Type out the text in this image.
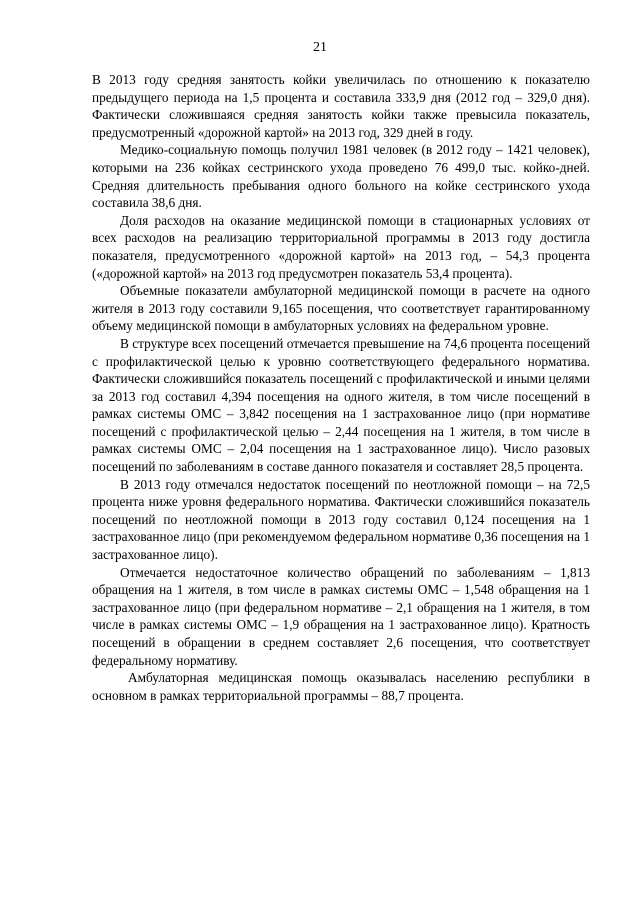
21

В 2013 году средняя занятость койки увеличилась по отношению к показателю предыдущего периода на 1,5 процента и составила 333,9 дня (2012 год – 329,0 дня). Фактически сложившаяся средняя занятость койки также превысила показатель, предусмотренный «дорожной картой» на 2013 год, 329 дней в году.

Медико-социальную помощь получил 1981 человек (в 2012 году – 1421 человек), которыми на 236 койках сестринского ухода проведено 76 499,0 тыс. койко-дней. Средняя длительность пребывания одного больного на койке сестринского ухода составила 38,6 дня.

Доля расходов на оказание медицинской помощи в стационарных условиях от всех расходов на реализацию территориальной программы в 2013 году достигла показателя, предусмотренного «дорожной картой» на 2013 год, – 54,3 процента («дорожной картой» на 2013 год предусмотрен показатель 53,4 процента).

Объемные показатели амбулаторной медицинской помощи в расчете на одного жителя в 2013 году составили 9,165 посещения, что соответствует гарантированному объему медицинской помощи в амбулаторных условиях на федеральном уровне.

В структуре всех посещений отмечается превышение на 74,6 процента посещений с профилактической целью к уровню соответствующего федерального норматива. Фактически сложившийся показатель посещений с профилактической и иными целями за 2013 год составил 4,394 посещения на одного жителя, в том числе посещений в рамках системы ОМС – 3,842 посещения на 1 застрахованное лицо (при нормативе посещений с профилактической целью – 2,44 посещения на 1 жителя, в том числе в рамках системы ОМС – 2,04 посещения на 1 застрахованное лицо). Число разовых посещений по заболеваниям в составе данного показателя и составляет 28,5 процента.

В 2013 году отмечался недостаток посещений по неотложной помощи – на 72,5 процента ниже уровня федерального норматива. Фактически сложившийся показатель посещений по неотложной помощи в 2013 году составил 0,124 посещения на 1 застрахованное лицо (при рекомендуемом федеральном нормативе 0,36 посещения на 1 застрахованное лицо).

Отмечается недостаточное количество обращений по заболеваниям – 1,813 обращения на 1 жителя, в том числе в рамках системы ОМС – 1,548 обращения на 1 застрахованное лицо (при федеральном нормативе – 2,1 обращения на 1 жителя, в том числе в рамках системы ОМС – 1,9 обращения на 1 застрахованное лицо). Кратность посещений в обращении в среднем составляет 2,6 посещения, что соответствует федеральному нормативу.

Амбулаторная медицинская помощь оказывалась населению республики в основном в рамках территориальной программы – 88,7 процента.
